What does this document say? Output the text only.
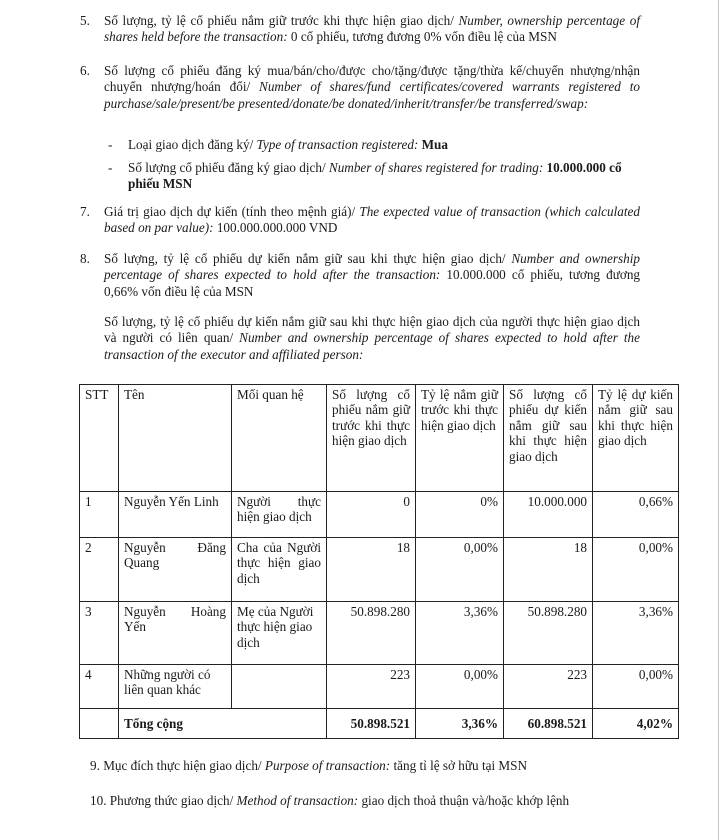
5.	Số lượng, tỷ lệ cổ phiếu nắm giữ trước khi thực hiện giao dịch/ Number, ownership percentage of shares held before the transaction: 0 cổ phiếu, tương đương 0% vốn điều lệ của MSN
6.	Số lượng cổ phiếu đăng ký mua/bán/cho/được cho/tặng/được tặng/thừa kế/chuyển nhượng/nhận chuyển nhượng/hoán đổi/ Number of shares/fund certificates/covered warrants registered to purchase/sale/present/be presented/donate/be donated/inherit/transfer/be transferred/swap:
- Loại giao dịch đăng ký/ Type of transaction registered: Mua
- Số lượng cổ phiếu đăng ký giao dịch/ Number of shares registered for trading: 10.000.000 cổ phiếu MSN
7.	Giá trị giao dịch dự kiến (tính theo mệnh giá)/ The expected value of transaction (which calculated based on par value): 100.000.000.000 VND
8.	Số lượng, tỷ lệ cổ phiếu dự kiến nắm giữ sau khi thực hiện giao dịch/ Number and ownership percentage of shares expected to hold after the transaction: 10.000.000 cổ phiếu, tương đương 0,66% vốn điều lệ của MSN
Số lượng, tỷ lệ cổ phiếu dự kiến nắm giữ sau khi thực hiện giao dịch của người thực hiện giao dịch và người có liên quan/ Number and ownership percentage of shares expected to hold after the transaction of the executor and affiliated person:
STT	Tên	Mối quan hệ	Số lượng cổ phiếu nắm giữ trước khi thực hiện giao dịch	Tỷ lệ nắm giữ trước khi thực hiện giao dịch	Số lượng cổ phiếu dự kiến nắm giữ sau khi thực hiện giao dịch	Tỷ lệ dự kiến nắm giữ sau khi thực hiện giao dịch
1	Nguyễn Yến Linh	Người thực hiện giao dịch	0	0%	10.000.000	0,66%
2	Nguyễn Đăng Quang	Cha của Người thực hiện giao dịch	18	0,00%	18	0,00%
3	Nguyễn Hoàng Yến	Mẹ của Người thực hiện giao dịch	50.898.280	3,36%	50.898.280	3,36%
4	Những người có liên quan khác		223	0,00%	223	0,00%
	Tổng cộng		50.898.521	3,36%	60.898.521	4,02%
9. Mục đích thực hiện giao dịch/ Purpose of transaction: tăng tỉ lệ sở hữu tại MSN
10. Phương thức giao dịch/ Method of transaction: giao dịch thoả thuận và/hoặc khớp lệnh
